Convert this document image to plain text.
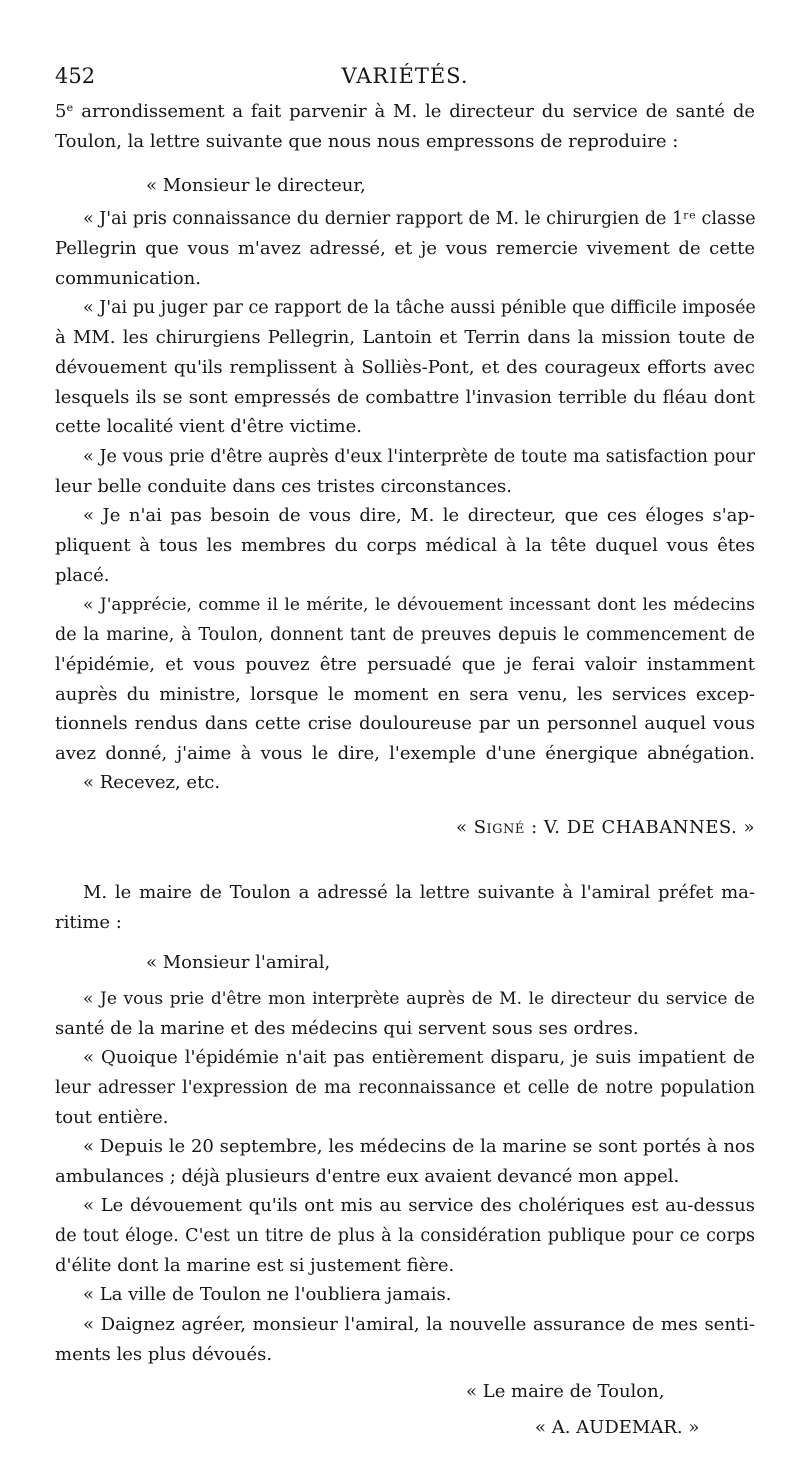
452	VARIÉTÉS.
5ᵉ arrondissement a fait parvenir à M. le directeur du service de santé de
Toulon, la lettre suivante que nous nous empressons de reproduire :
« Monsieur le directeur,
« J'ai pris connaissance du dernier rapport de M. le chirurgien de 1ʳᵉ classe
Pellegrin que vous m'avez adressé, et je vous remercie vivement de cette
communication.
« J'ai pu juger par ce rapport de la tâche aussi pénible que difficile imposée
à MM. les chirurgiens Pellegrin, Lantoin et Terrin dans la mission toute de
dévouement qu'ils remplissent à Solliès-Pont, et des courageux efforts avec
lesquels ils se sont empressés de combattre l'invasion terrible du fléau dont
cette localité vient d'être victime.
« Je vous prie d'être auprès d'eux l'interprète de toute ma satisfaction pour
leur belle conduite dans ces tristes circonstances.
« Je n'ai pas besoin de vous dire, M. le directeur, que ces éloges s'ap-
pliquent à tous les membres du corps médical à la tête duquel vous êtes
placé.
« J'apprécie, comme il le mérite, le dévouement incessant dont les médecins
de la marine, à Toulon, donnent tant de preuves depuis le commencement de
l'épidémie, et vous pouvez être persuadé que je ferai valoir instamment
auprès du ministre, lorsque le moment en sera venu, les services excep-
tionnels rendus dans cette crise douloureuse par un personnel auquel vous
avez donné, j'aime à vous le dire, l'exemple d'une énergique abnégation.
« Recevez, etc.
« Signé : V. DE CHABANNES. »
M. le maire de Toulon a adressé la lettre suivante à l'amiral préfet ma-
ritime :
« Monsieur l'amiral,
« Je vous prie d'être mon interprète auprès de M. le directeur du service de
santé de la marine et des médecins qui servent sous ses ordres.
« Quoique l'épidémie n'ait pas entièrement disparu, je suis impatient de
leur adresser l'expression de ma reconnaissance et celle de notre population
tout entière.
« Depuis le 20 septembre, les médecins de la marine se sont portés à nos
ambulances ; déjà plusieurs d'entre eux avaient devancé mon appel.
« Le dévouement qu'ils ont mis au service des cholériques est au-dessus
de tout éloge. C'est un titre de plus à la considération publique pour ce corps
d'élite dont la marine est si justement fière.
« La ville de Toulon ne l'oubliera jamais.
« Daignez agréer, monsieur l'amiral, la nouvelle assurance de mes senti-
ments les plus dévoués.
« Le maire de Toulon,
« A. AUDEMAR. »
